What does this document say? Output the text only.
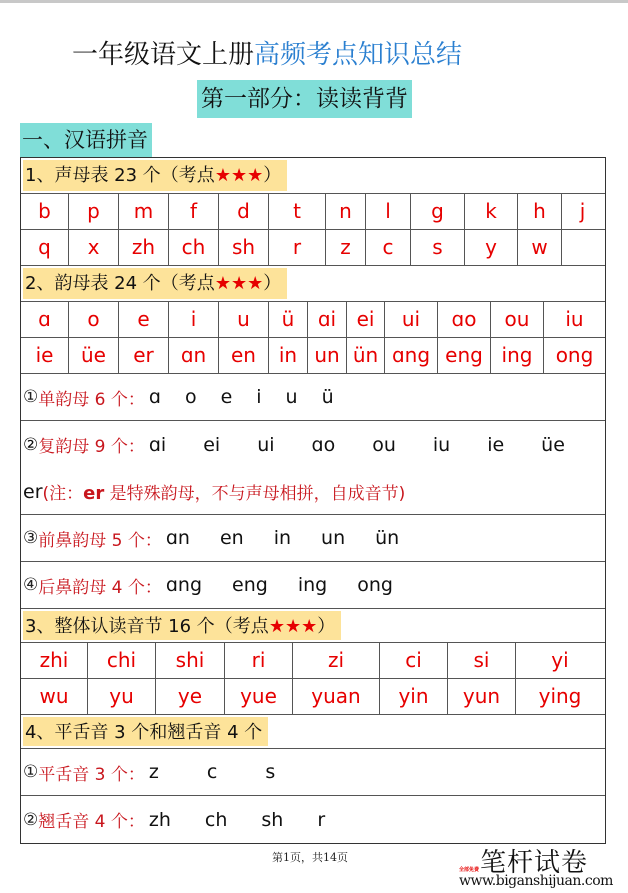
一年级语文上册高频考点知识总结
第一部分：读读背背
一、汉语拼音
1、声母表 23 个（考点★★★）
b	p	m	f	d	t	n	l	g	k	h	j
q	x	zh	ch	sh	r	z	c	s	y	w
2、韵母表 24 个（考点★★★）
ɑ	o	e	i	u	ü	ɑi	ei	ui	ɑo	ou	iu
ie	üe	er	ɑn	en	in un ün ɑng eng ing	ong
① 单韵母 6 个： ɑ o e i u ü
② 复韵母 9 个： ɑi ei ui ɑo ou iu ie üe
er (注：er 是特殊韵母，不与声母相拼，自成音节)
③ 前鼻韵母 5 个： ɑn en in un ün
④ 后鼻韵母 4 个： ɑng eng ing ong
3、整体认读音节 16 个（考点★★★）
zhi	chi	shi	ri	zi	ci	si	yi
wu	yu	ye	yue	yuan	yin	yun	ying
4、平舌音 3 个和翘舌音 4 个
① 平舌音 3 个： z	c	s
② 翘舌音 4 个： zh ch sh r
第1页，共14页	笔杆试卷
全部免费
www.biganshijuan.com
